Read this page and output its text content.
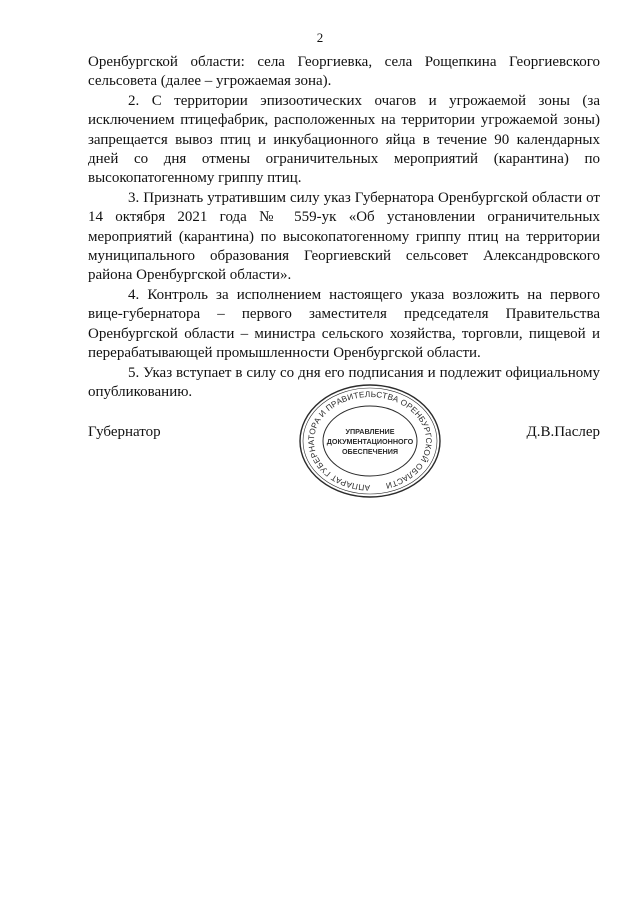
2

Оренбургской области: села Георгиевка, села Рощепкина Георгиевского сельсовета (далее – угрожаемая зона).

2. С территории эпизоотических очагов и угрожаемой зоны (за исключением птицефабрик, расположенных на территории угрожаемой зоны) запрещается вывоз птиц и инкубационного яйца в течение 90 календарных дней со дня отмены ограничительных мероприятий (карантина) по высокопатогенному гриппу птиц.

3. Признать утратившим силу указ Губернатора Оренбургской области от 14 октября 2021 года № 559-ук «Об установлении ограничительных мероприятий (карантина) по высокопатогенному гриппу птиц на территории муниципального образования Георгиевский сельсовет Александровского района Оренбургской области».

4. Контроль за исполнением настоящего указа возложить на первого вице-губернатора – первого заместителя председателя Правительства Оренбургской области – министра сельского хозяйства, торговли, пищевой и перерабатывающей промышленности Оренбургской области.

5. Указ вступает в силу со дня его подписания и подлежит официальному опубликованию.

Губернатор	Д.В.Паслер
АППАРАТ ГУБЕРНАТОРА И ПРАВИТЕЛЬСТВА ОРЕНБУРГСКОЙ ОБЛАСТИ
УПРАВЛЕНИЕ
ДОКУМЕНТАЦИОННОГО
ОБЕСПЕЧЕНИЯ
